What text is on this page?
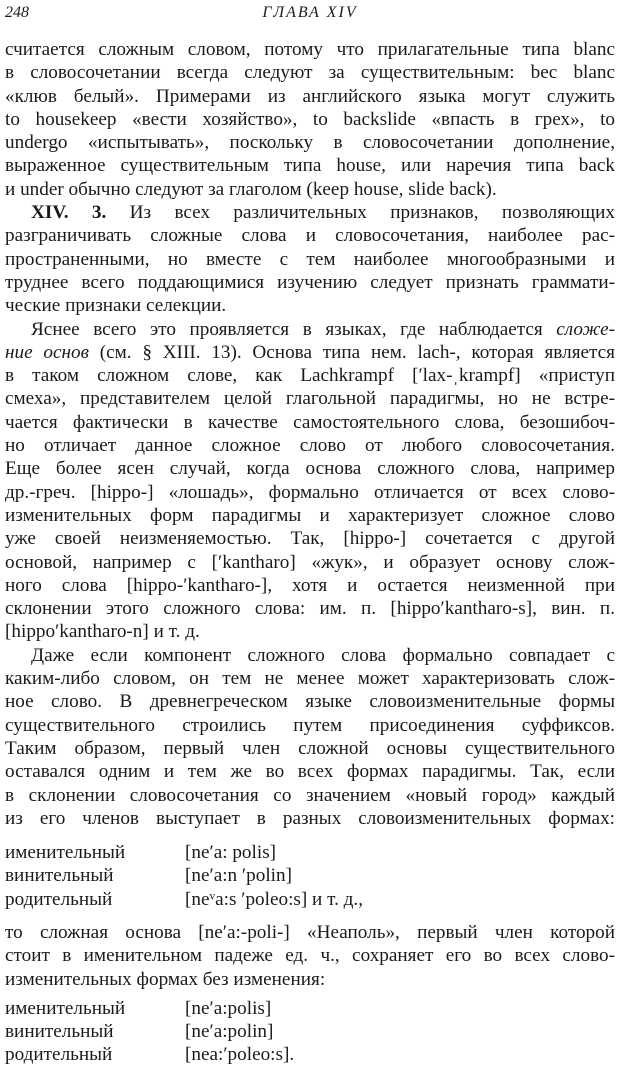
248	ГЛАВА XIV

считается сложным словом, потому что прилагательные типа blanc
в словосочетании всегда следуют за существительным: bec blanc
«клюв белый». Примерами из английского языка могут служить
to housekeep «вести хозяйство», to backslide «впасть в грех», to
undergo «испытывать», поскольку в словосочетании дополнение,
выраженное существительным типа house, или наречия типа back
и under обычно следуют за глаголом (keep house, slide back).

XIV. 3. Из всех различительных признаков, позволяющих
разграничивать сложные слова и словосочетания, наиболее рас-
пространенными, но вместе с тем наиболее многообразными и
труднее всего поддающимися изучению следует признать граммати-
ческие признаки селекции.

Яснее всего это проявляется в языках, где наблюдается сложе-
ние основ (см. § XIII. 13). Основа типа нем. lach-, которая является
в таком сложном слове, как Lachkrampf [ʹlax-ˌkrampf] «приступ
смеха», представителем целой глагольной парадигмы, но не встре-
чается фактически в качестве самостоятельного слова, безошибоч-
но отличает данное сложное слово от любого словосочетания.
Еще более ясен случай, когда основа сложного слова, например
др.-греч. [hippo-] «лошадь», формально отличается от всех слово-
изменительных форм парадигмы и характеризует сложное слово
уже своей неизменяемостью. Так, [hippo-] сочетается с другой
основой, например с [ʹkantharo] «жук», и образует основу слож-
ного слова [hippo-ʹkantharo-], хотя и остается неизменной при
склонении этого сложного слова: им. п. [hippoʹkantharo-s], вин. п.
[hippoʹkantharo-n] и т. д.

Даже если компонент сложного слова формально совпадает с
каким-либо словом, он тем не менее может характеризовать слож-
ное слово. В древнегреческом языке словоизменительные формы
существительного строились путем присоединения суффиксов.
Таким образом, первый член сложной основы существительного
оставался одним и тем же во всех формах парадигмы. Так, если
в склонении словосочетания со значением «новый город» каждый
из его членов выступает в разных словоизменительных формах:

именительный	[neʹa: polis]
винительный	[neʹa:n ʹpolin]
родительный	[neᵛa:s ʹpoleo:s] и т. д.,

то сложная основа [neʹa:-poli-] «Неаполь», первый член которой
стоит в именительном падеже ед. ч., сохраняет его во всех слово-
изменительных формах без изменения:

именительный	[neʹa:polis]
винительный	[neʹa:polin]
родительный	[nea:ʹpoleo:s].
